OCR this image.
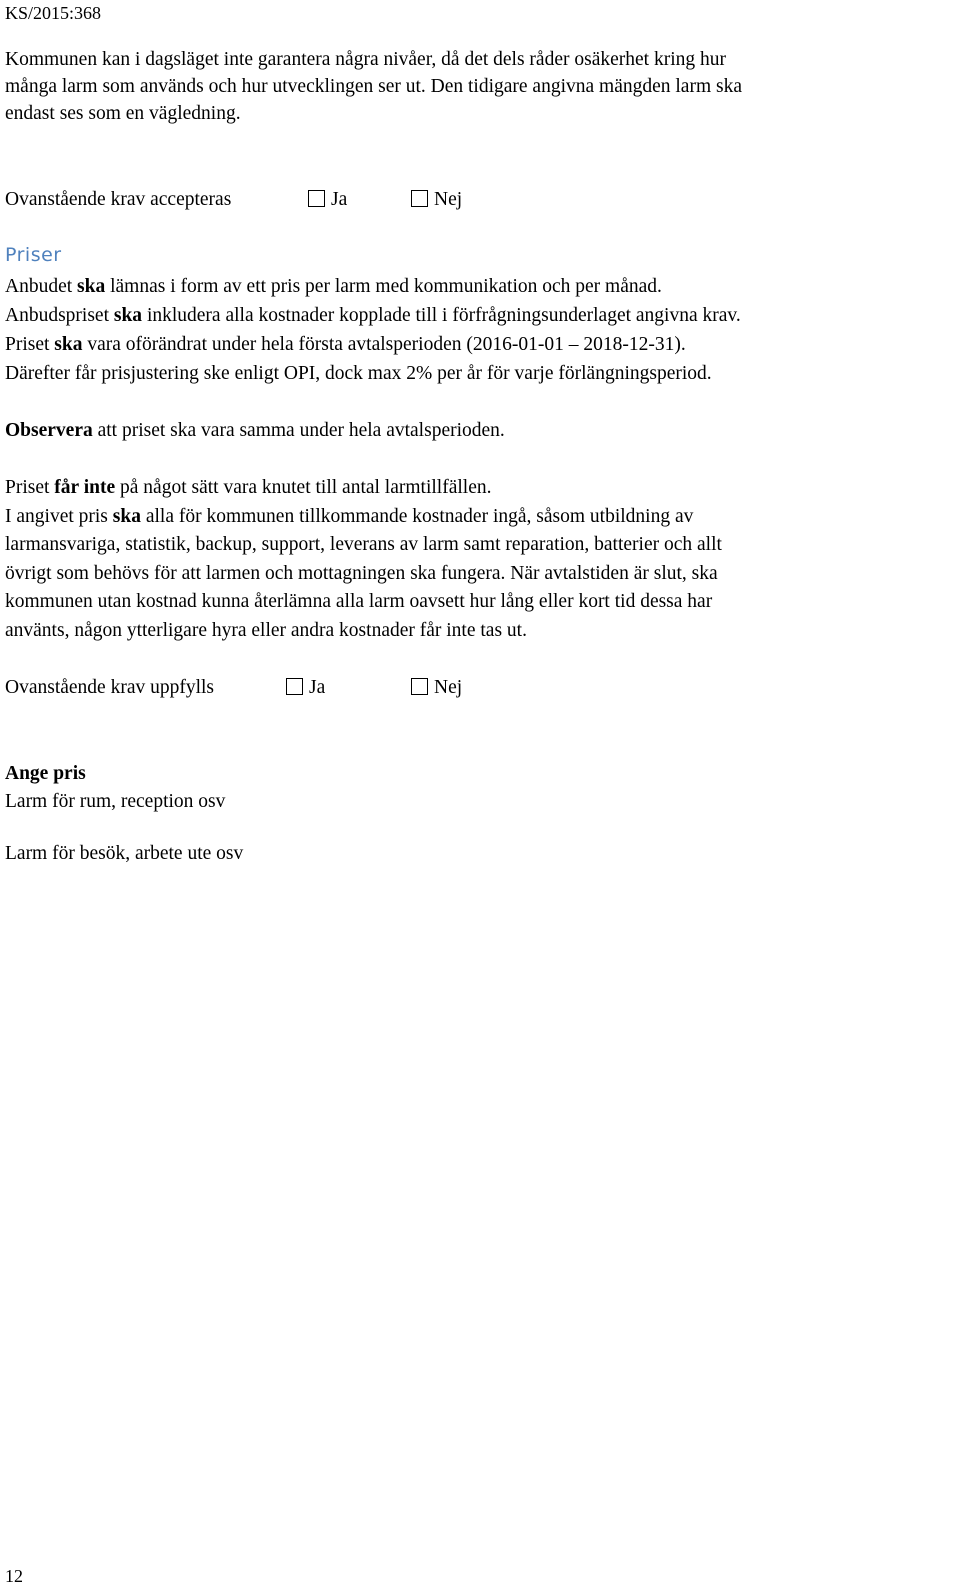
KS/2015:368
Kommunen kan i dagsläget inte garantera några nivåer, då det dels råder osäkerhet kring hur
många larm som används och hur utvecklingen ser ut. Den tidigare angivna mängden larm ska
endast ses som en vägledning.
Ovanstående krav accepteras	Ja	Nej
Priser
Anbudet ska lämnas i form av ett pris per larm med kommunikation och per månad.
Anbudspriset ska inkludera alla kostnader kopplade till i förfrågningsunderlaget angivna krav.
Priset ska vara oförändrat under hela första avtalsperioden (2016-01-01 – 2018-12-31).
Därefter får prisjustering ske enligt OPI, dock max 2% per år för varje förlängningsperiod.
Observera att priset ska vara samma under hela avtalsperioden.
Priset får inte på något sätt vara knutet till antal larmtillfällen.
I angivet pris ska alla för kommunen tillkommande kostnader ingå, såsom utbildning av
larmansvariga, statistik, backup, support, leverans av larm samt reparation, batterier och allt
övrigt som behövs för att larmen och mottagningen ska fungera. När avtalstiden är slut, ska
kommunen utan kostnad kunna återlämna alla larm oavsett hur lång eller kort tid dessa har
använts, någon ytterligare hyra eller andra kostnader får inte tas ut.
Ovanstående krav uppfylls	Ja	Nej
Ange pris
Larm för rum, reception osv
Larm för besök, arbete ute osv
12
